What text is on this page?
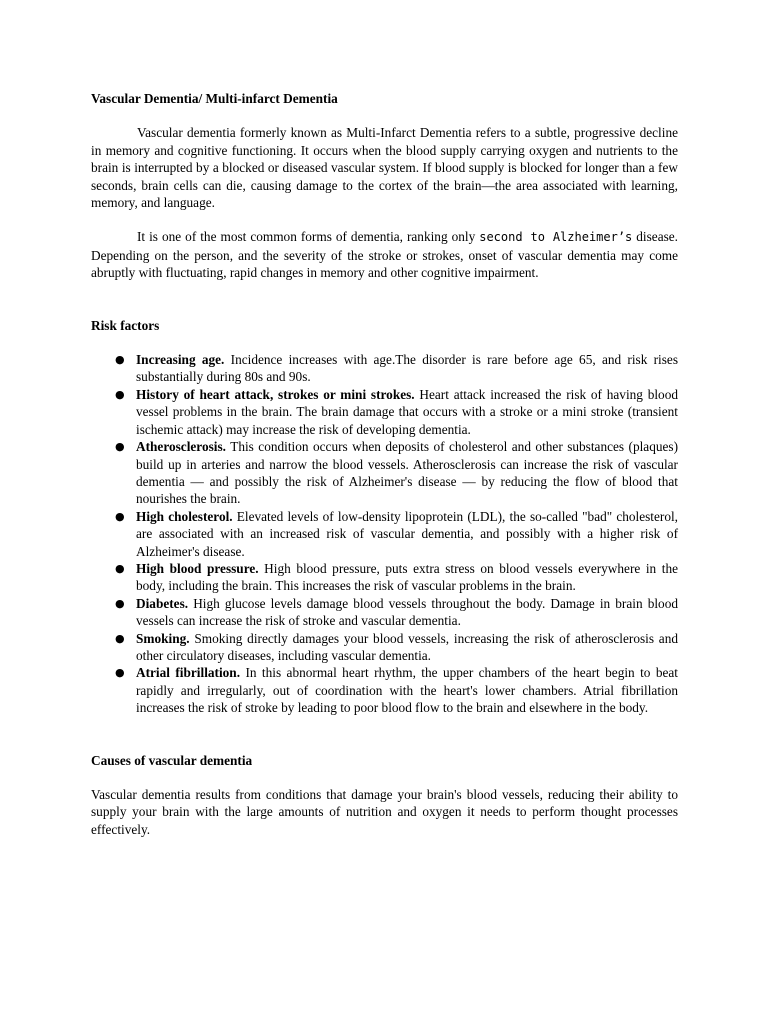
Vascular Dementia/ Multi-infarct Dementia

Vascular dementia formerly known as Multi-Infarct Dementia refers to a subtle, progressive decline in memory and cognitive functioning. It occurs when the blood supply carrying oxygen and nutrients to the brain is interrupted by a blocked or diseased vascular system. If blood supply is blocked for longer than a few seconds, brain cells can die, causing damage to the cortex of the brain—the area associated with learning, memory, and language.

It is one of the most common forms of dementia, ranking only second to Alzheimer’s disease. Depending on the person, and the severity of the stroke or strokes, onset of vascular dementia may come abruptly with fluctuating, rapid changes in memory and other cognitive impairment.

Risk factors

● Increasing age. Incidence increases with age.The disorder is rare before age 65, and risk rises substantially during 80s and 90s.
● History of heart attack, strokes or mini strokes. Heart attack increased the risk of having blood vessel problems in the brain. The brain damage that occurs with a stroke or a mini stroke (transient ischemic attack) may increase the risk of developing dementia.
● Atherosclerosis. This condition occurs when deposits of cholesterol and other substances (plaques) build up in arteries and narrow the blood vessels. Atherosclerosis can increase the risk of vascular dementia — and possibly the risk of Alzheimer's disease — by reducing the flow of blood that nourishes the brain.
● High cholesterol. Elevated levels of low-density lipoprotein (LDL), the so-called "bad" cholesterol, are associated with an increased risk of vascular dementia, and possibly with a higher risk of Alzheimer's disease.
● High blood pressure. High blood pressure, puts extra stress on blood vessels everywhere in the body, including the brain. This increases the risk of vascular problems in the brain.
● Diabetes. High glucose levels damage blood vessels throughout the body. Damage in brain blood vessels can increase the risk of stroke and vascular dementia.
● Smoking. Smoking directly damages your blood vessels, increasing the risk of atherosclerosis and other circulatory diseases, including vascular dementia.
● Atrial fibrillation. In this abnormal heart rhythm, the upper chambers of the heart begin to beat rapidly and irregularly, out of coordination with the heart's lower chambers. Atrial fibrillation increases the risk of stroke by leading to poor blood flow to the brain and elsewhere in the body.

Causes of vascular dementia

Vascular dementia results from conditions that damage your brain's blood vessels, reducing their ability to supply your brain with the large amounts of nutrition and oxygen it needs to perform thought processes effectively.
